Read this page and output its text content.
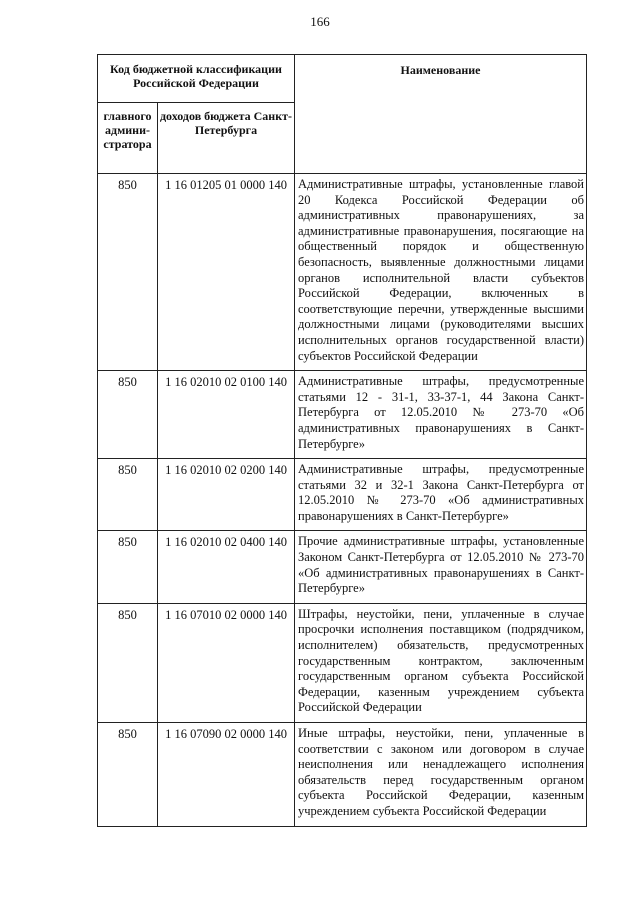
166
Код бюджетной классификации Российской Федерации		Наименование
главного админи-стратора	доходов бюджета Санкт-Петербурга	
850	1 16 01205 01 0000 140	Административные штрафы, установленные главой 20 Кодекса Российской Федерации об административных правонарушениях, за административные правонарушения, посягающие на общественный порядок и общественную безопасность, выявленные должностными лицами органов исполнительной власти субъектов Российской Федерации, включенных в соответствующие перечни, утвержденные высшими должностными лицами (руководителями высших исполнительных органов государственной власти) субъектов Российской Федерации
850	1 16 02010 02 0100 140	Административные штрафы, предусмотренные статьями 12 - 31-1, 33-37-1, 44 Закона Санкт-Петербурга от 12.05.2010 № 273-70 «Об административных правонарушениях в Санкт-Петербурге»
850	1 16 02010 02 0200 140	Административные штрафы, предусмотренные статьями 32 и 32-1 Закона Санкт-Петербурга от 12.05.2010 № 273-70 «Об административных правонарушениях в Санкт-Петербурге»
850	1 16 02010 02 0400 140	Прочие административные штрафы, установленные Законом Санкт-Петербурга от 12.05.2010 № 273-70 «Об административных правонарушениях в Санкт-Петербурге»
850	1 16 07010 02 0000 140	Штрафы, неустойки, пени, уплаченные в случае просрочки исполнения поставщиком (подрядчиком, исполнителем) обязательств, предусмотренных государственным контрактом, заключенным государственным органом субъекта Российской Федерации, казенным учреждением субъекта Российской Федерации
850	1 16 07090 02 0000 140	Иные штрафы, неустойки, пени, уплаченные в соответствии с законом или договором в случае неисполнения или ненадлежащего исполнения обязательств перед государственным органом субъекта Российской Федерации, казенным учреждением субъекта Российской Федерации
